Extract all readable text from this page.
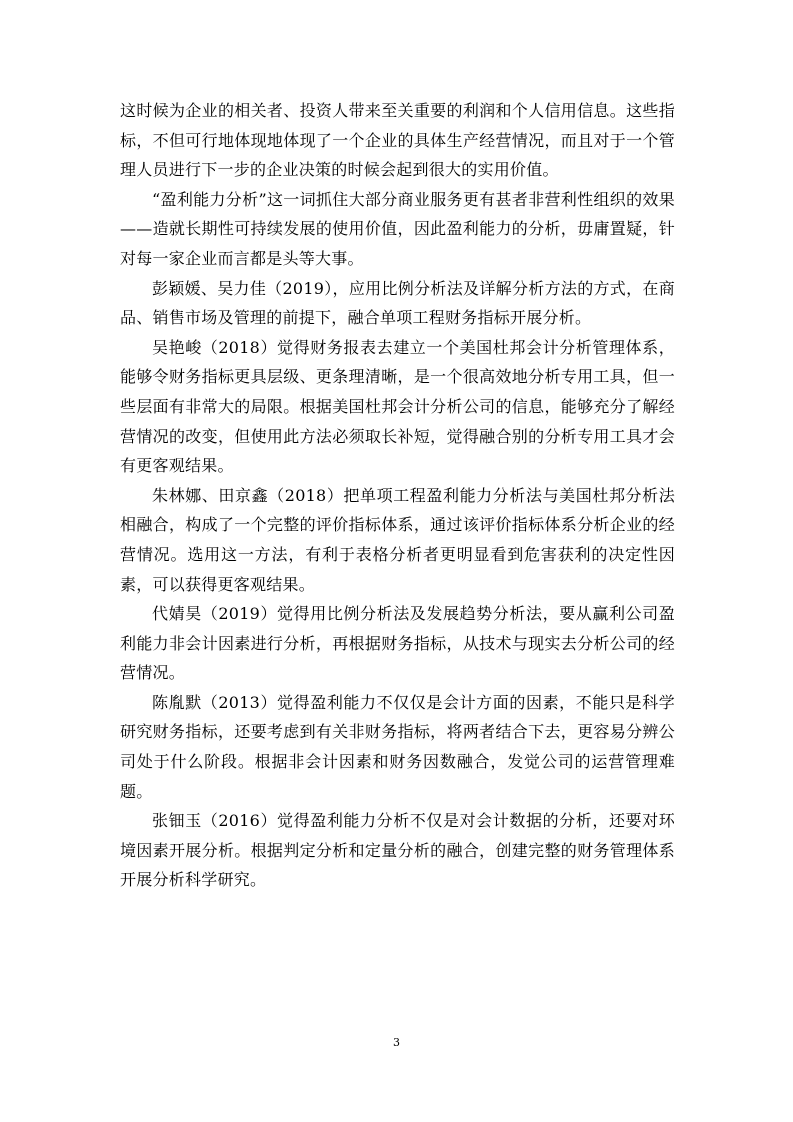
这时候为企业的相关者、投资人带来至关重要的利润和个人信用信息。这些指标，不但可行地体现地体现了一个企业的具体生产经营情况，而且对于一个管理人员进行下一步的企业决策的时候会起到很大的实用价值。

“盈利能力分析”这一词抓住大部分商业服务更有甚者非营利性组织的效果——造就长期性可持续发展的使用价值，因此盈利能力的分析，毋庸置疑，针对每一家企业而言都是头等大事。

彭颖媛、吴力佳（2019），应用比例分析法及详解分析方法的方式，在商品、销售市场及管理的前提下，融合单项工程财务指标开展分析。

吴艳峻（2018）觉得财务报表去建立一个美国杜邦会计分析管理体系，能够令财务指标更具层级、更条理清晰，是一个很高效地分析专用工具，但一些层面有非常大的局限。根据美国杜邦会计分析公司的信息，能够充分了解经营情况的改变，但使用此方法必须取长补短，觉得融合别的分析专用工具才会有更客观结果。

朱林娜、田京鑫（2018）把单项工程盈利能力分析法与美国杜邦分析法相融合，构成了一个完整的评价指标体系，通过该评价指标体系分析企业的经营情况。选用这一方法，有利于表格分析者更明显看到危害获利的决定性因素，可以获得更客观结果。

代婧昊（2019）觉得用比例分析法及发展趋势分析法，要从赢利公司盈利能力非会计因素进行分析，再根据财务指标，从技术与现实去分析公司的经营情况。

陈胤默（2013）觉得盈利能力不仅仅是会计方面的因素，不能只是科学研究财务指标，还要考虑到有关非财务指标，将两者结合下去，更容易分辨公司处于什么阶段。根据非会计因素和财务因数融合，发觉公司的运营管理难题。

张钿玉（2016）觉得盈利能力分析不仅是对会计数据的分析，还要对环境因素开展分析。根据判定分析和定量分析的融合，创建完整的财务管理体系开展分析科学研究。

3
